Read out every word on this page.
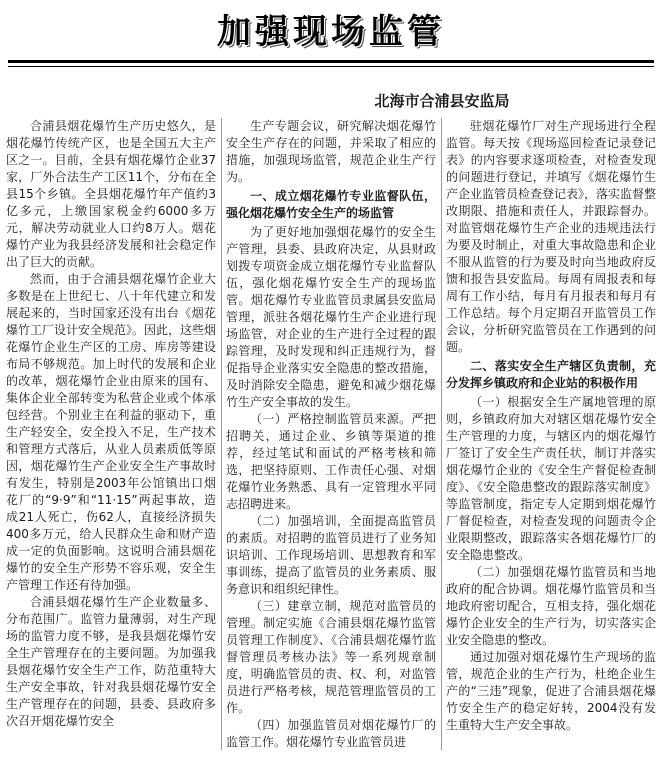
加强现场监管
北海市合浦县安监局

合浦县烟花爆竹生产历史悠久，是烟花爆竹传统产区，也是全国五大主产区之一。目前，全县有烟花爆竹企业37家，厂外合法生产工区11个，分布在全县15个乡镇。全县烟花爆竹年产值约3亿多元，上缴国家税金约6000多万元，解决劳动就业人口约8万人。烟花爆竹产业为我县经济发展和社会稳定作出了巨大的贡献。

然而，由于合浦县烟花爆竹企业大多数是在上世纪七、八十年代建立和发展起来的，当时国家还没有出台《烟花爆竹工厂设计安全规范》。因此，这些烟花爆竹企业生产区的工房、库房等建设布局不够规范。加上时代的发展和企业的改革，烟花爆竹企业由原来的国有、集体企业全部转变为私营企业或个体承包经营。个别业主在利益的驱动下，重生产轻安全，安全投入不足，生产技术和管理方式落后，从业人员素质低等原因，烟花爆竹生产企业安全生产事故时有发生，特别是2003年公馆镇出口烟花厂的“9·9”和“11·15”两起事故，造成21人死亡，伤62人，直接经济损失400多万元，给人民群众生命和财产造成一定的负面影响。这说明合浦县烟花爆竹的安全生产形势不容乐观，安全生产管理工作还有待加强。

合浦县烟花爆竹生产企业数量多、分布范围广。监管力量薄弱，对生产现场的监管力度不够，是我县烟花爆竹安全生产管理存在的主要问题。为加强我县烟花爆竹安全生产工作，防范重特大生产安全事故，针对我县烟花爆竹安全生产管理存在的问题，县委、县政府多次召开烟花爆竹安全

生产专题会议，研究解决烟花爆竹安全生产存在的问题，并采取了相应的措施，加强现场监管，规范企业生产行为。

一、成立烟花爆竹专业监督队伍，强化烟花爆竹安全生产的场监管

为了更好地加强烟花爆竹的安全生产管理，县委、县政府决定，从县财政划拨专项资金成立烟花爆竹专业监督队伍，强化烟花爆竹安全生产的现场监管。烟花爆竹专业监管员隶属县安监局管理，派驻各烟花爆竹生产企业进行现场监管，对企业的生产进行全过程的跟踪管理，及时发现和纠正违规行为，督促指导企业落实安全隐患的整改措施，及时消除安全隐患，避免和减少烟花爆竹生产安全事故的发生。

（一）严格控制监管员来源。严把招聘关，通过企业、乡镇等渠道的推荐，经过笔试和面试的严格考核和筛选，把坚持原则、工作责任心强、对烟花爆竹业务熟悉、具有一定管理水平同志招聘进来。

（二）加强培训，全面提高监管员的素质。对招聘的监管员进行了业务知识培训、工作现场培训、思想教育和军事训练，提高了监管员的业务素质、服务意识和组织纪律性。

（三）建章立制，规范对监管员的管理。制定实施《合浦县烟花爆竹监管员管理工作制度》、《合浦县烟花爆竹监督管理员考核办法》等一系列规章制度，明确监管员的责、权、利，对监管员进行严格考核，规范管理监管员的工作。

（四）加强监管员对烟花爆竹厂的监管工作。烟花爆竹专业监管员进

驻烟花爆竹厂对生产现场进行全程监管。每天按《现场巡回检查记录登记表》的内容要求逐项检查，对检查发现的问题进行登记，并填写《烟花爆竹生产企业监管员检查登记表》，落实监督整改期限、措施和责任人，并跟踪督办。对监管烟花爆竹生产企业的违规违法行为要及时制止，对重大事故隐患和企业不服从监管的行为要及时向当地政府反馈和报告县安监局。每周有周报表和每周有工作小结，每月有月报表和每月有工作总结。每个月定期召开监管员工作会议，分析研究监管员在工作遇到的问题。

二、落实安全生产辖区负责制，充分发挥乡镇政府和企业站的积极作用

（一）根据安全生产属地管理的原则，乡镇政府加大对辖区烟花爆竹安全生产管理的力度，与辖区内的烟花爆竹厂签订了安全生产责任状，制订并落实烟花爆竹企业的《安全生产督促检查制度》、《安全隐患整改的跟踪落实制度》等监管制度，指定专人定期到烟花爆竹厂督促检查，对检查发现的问题责令企业限期整改，跟踪落实各烟花爆竹厂的安全隐患整改。

（二）加强烟花爆竹监管员和当地政府的配合协调。烟花爆竹监管员和当地政府密切配合，互相支持，强化烟花爆竹企业安全的生产行为，切实落实企业安全隐患的整改。

通过加强对烟花爆竹生产现场的监管，规范企业的生产行为，杜绝企业生产的“三违”现象，促进了合浦县烟花爆竹安全生产的稳定好转，2004没有发生重特大生产安全事故。
